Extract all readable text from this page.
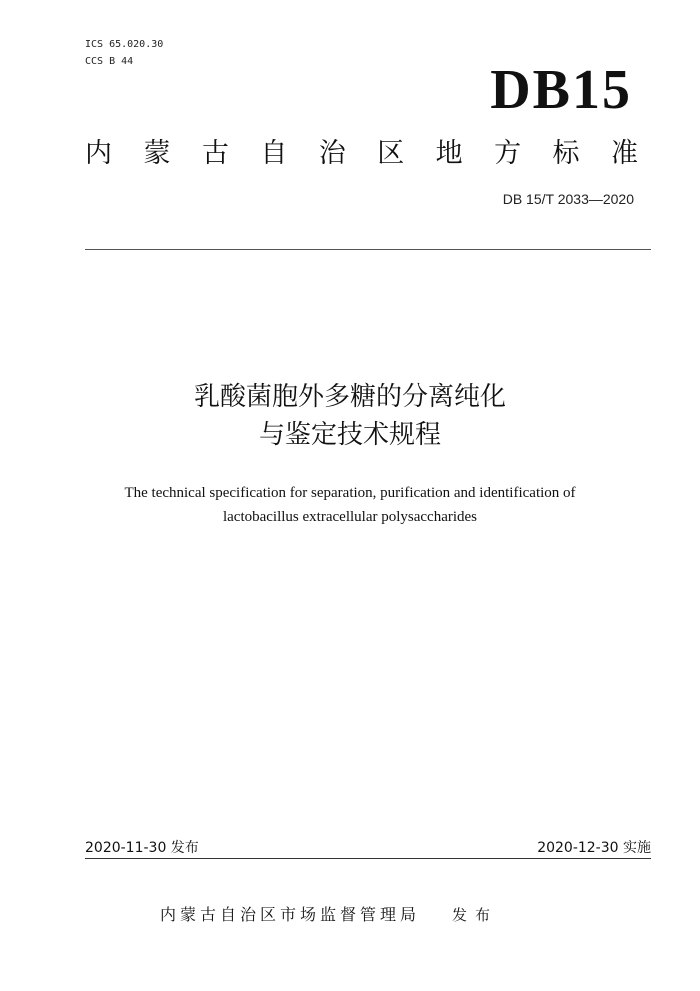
ICS 65.020.30
CCS B 44	DB15
内 蒙 古 自 治 区 地 方 标 准
DB 15/T 2033—2020
乳酸菌胞外多糖的分离纯化
与鉴定技术规程
The technical specification for separation, purification and identification of
lactobacillus extracellular polysaccharides
2020-11-30 发布	2020-12-30 实施
内蒙古自治区市场监督管理局 发布
